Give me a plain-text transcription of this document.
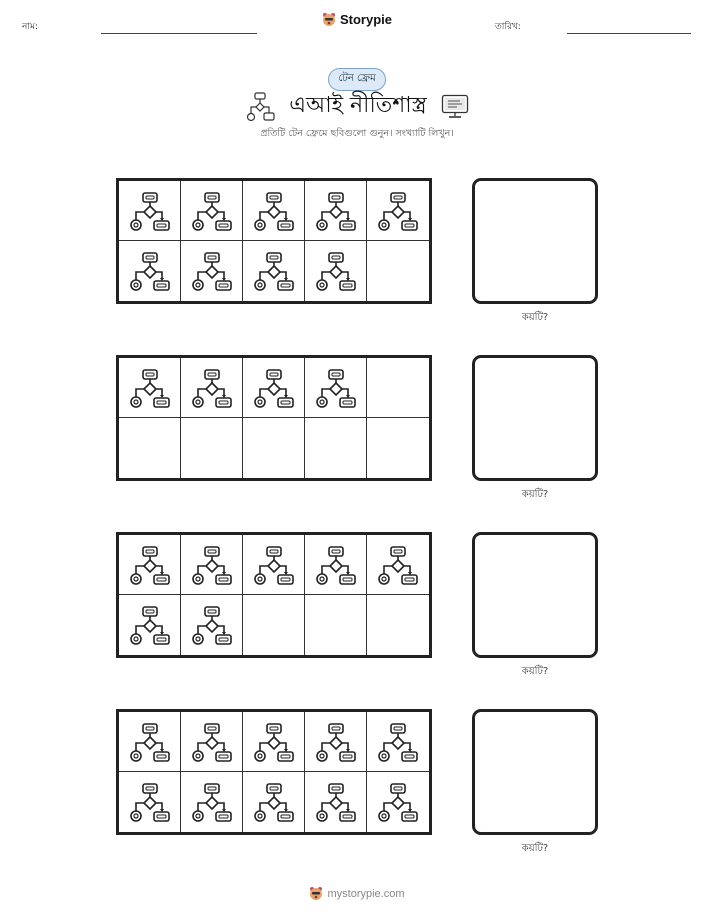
নাম:	Storypie	তারিখ:
টেন ফ্রেম
এআই নীতিশাস্ত্র
প্রতিটি টেন ফ্রেমে ছবিগুলো গুনুন। সংখ্যাটি লিখুন।
কয়টি?
কয়টি?
কয়টি?
কয়টি?
mystorypie.com
